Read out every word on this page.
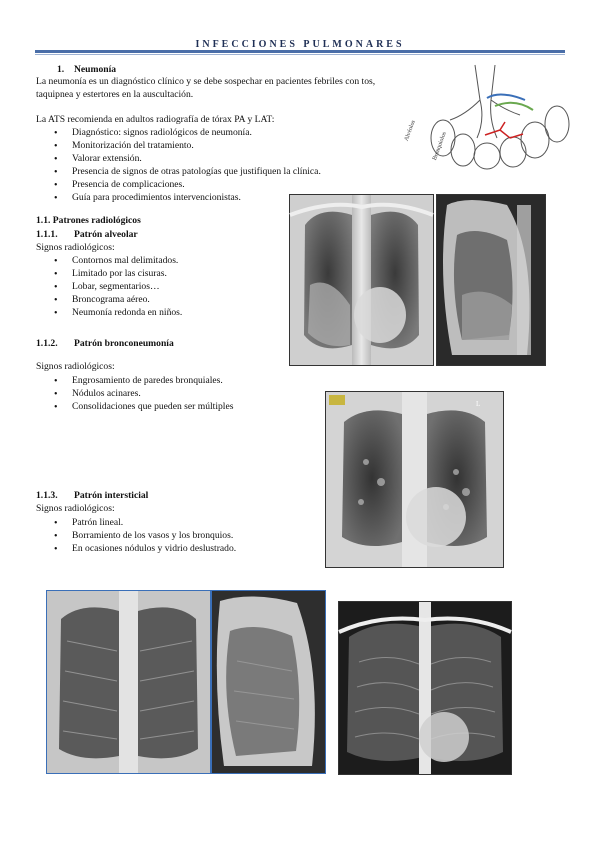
INFECCIONES PULMONARES
1. Neumonía
La neumonía es un diagnóstico clínico y se debe sospechar en pacientes febriles con tos,
taquipnea y estertores en la auscultación.
La ATS recomienda en adultos radiografía de tórax PA y LAT:
• Diagnóstico: signos radiológicos de neumonía.
• Monitorización del tratamiento.
• Valorar extensión.
• Presencia de signos de otras patologías que justifiquen la clínica.
• Presencia de complicaciones.
• Guía para procedimientos intervencionistas.
Bronquiolos
Alvéolos
1.1. Patrones radiológicos
1.1.1. Patrón alveolar
Signos radiológicos:
• Contornos mal delimitados.
• Limitado por las cisuras.
• Lobar, segmentarios…
• Broncograma aéreo.
• Neumonía redonda en niños.
1.1.2. Patrón bronconeumonía
Signos radiológicos:
• Engrosamiento de paredes bronquiales.
• Nódulos acinares.
• Consolidaciones que pueden ser múltiples
1.1.3. Patrón intersticial
Signos radiológicos:
• Patrón lineal.
• Borramiento de los vasos y los bronquios.
• En ocasiones nódulos y vidrio deslustrado.
L
